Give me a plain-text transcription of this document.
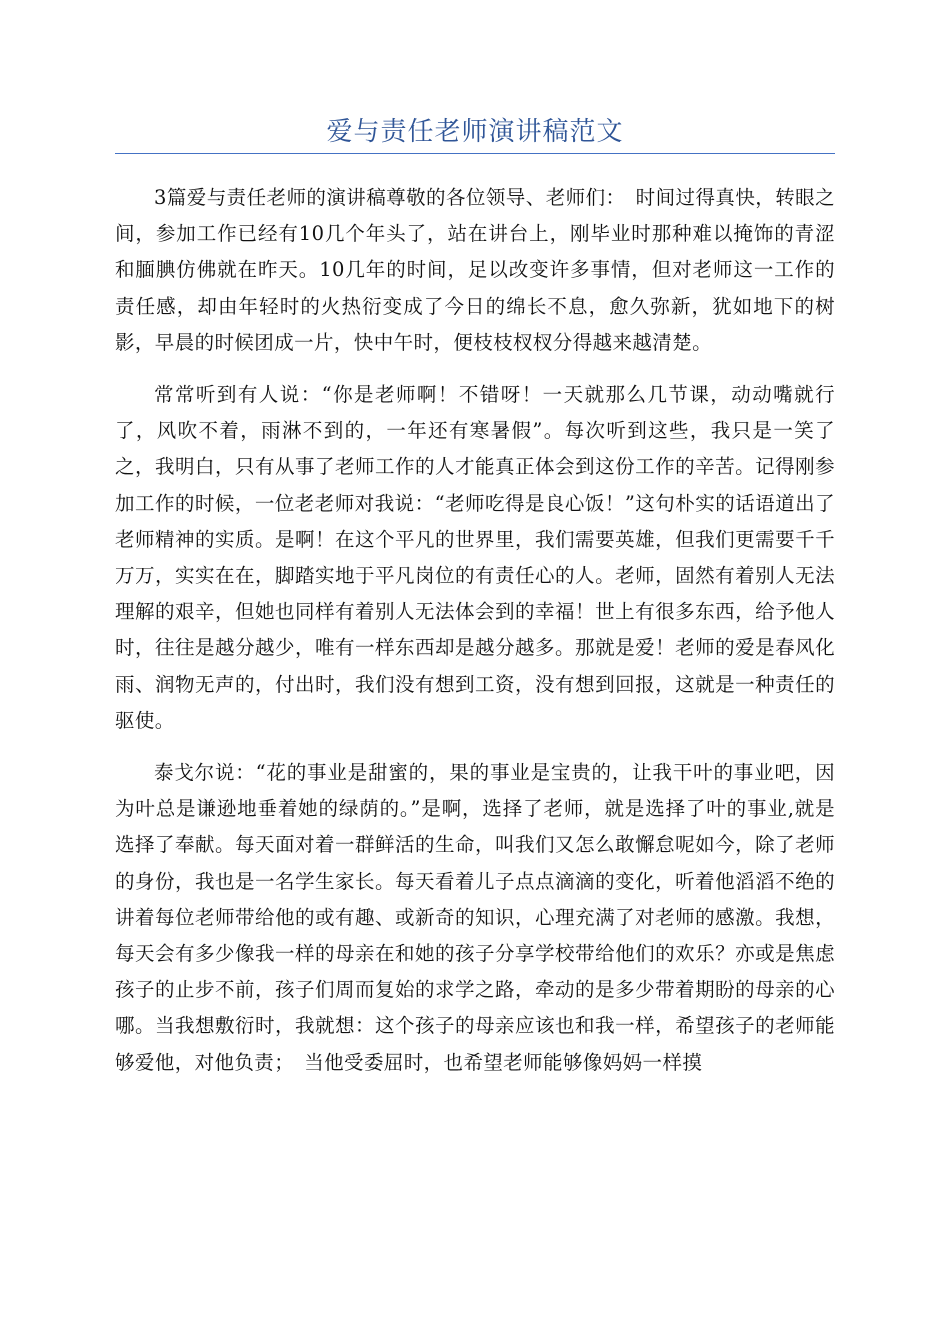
爱与责任老师演讲稿范文

3篇爱与责任老师的演讲稿尊敬的各位领导、老师们：　时间过得真快，转眼之间，参加工作已经有10几个年头了，站在讲台上，刚毕业时那种难以掩饰的青涩和腼腆仿佛就在昨天。10几年的时间，足以改变许多事情，但对老师这一工作的责任感，却由年轻时的火热衍变成了今日的绵长不息，愈久弥新，犹如地下的树影，早晨的时候团成一片，快中午时，便枝枝杈杈分得越来越清楚。

常常听到有人说：“你是老师啊！不错呀！一天就那么几节课，动动嘴就行了，风吹不着，雨淋不到的，一年还有寒暑假”。每次听到这些，我只是一笑了之，我明白，只有从事了老师工作的人才能真正体会到这份工作的辛苦。记得刚参加工作的时候，一位老老师对我说：“老师吃得是良心饭！”这句朴实的话语道出了老师精神的实质。是啊！在这个平凡的世界里，我们需要英雄，但我们更需要千千万万，实实在在，脚踏实地于平凡岗位的有责任心的人。老师，固然有着别人无法理解的艰辛，但她也同样有着别人无法体会到的幸福！世上有很多东西，给予他人时，往往是越分越少，唯有一样东西却是越分越多。那就是爱！老师的爱是春风化雨、润物无声的，付出时，我们没有想到工资，没有想到回报，这就是一种责任的驱使。

泰戈尔说：“花的事业是甜蜜的，果的事业是宝贵的，让我干叶的事业吧，因为叶总是谦逊地垂着她的绿荫的。”是啊，选择了老师，就是选择了叶的事业,就是选择了奉献。每天面对着一群鲜活的生命，叫我们又怎么敢懈怠呢如今，除了老师的身份，我也是一名学生家长。每天看着儿子点点滴滴的变化，听着他滔滔不绝的讲着每位老师带给他的或有趣、或新奇的知识，心理充满了对老师的感激。我想，每天会有多少像我一样的母亲在和她的孩子分享学校带给他们的欢乐？亦或是焦虑孩子的止步不前，孩子们周而复始的求学之路，牵动的是多少带着期盼的母亲的心哪。当我想敷衍时，我就想：这个孩子的母亲应该也和我一样，希望孩子的老师能够爱他，对他负责；　当他受委屈时，也希望老师能够像妈妈一样摸
